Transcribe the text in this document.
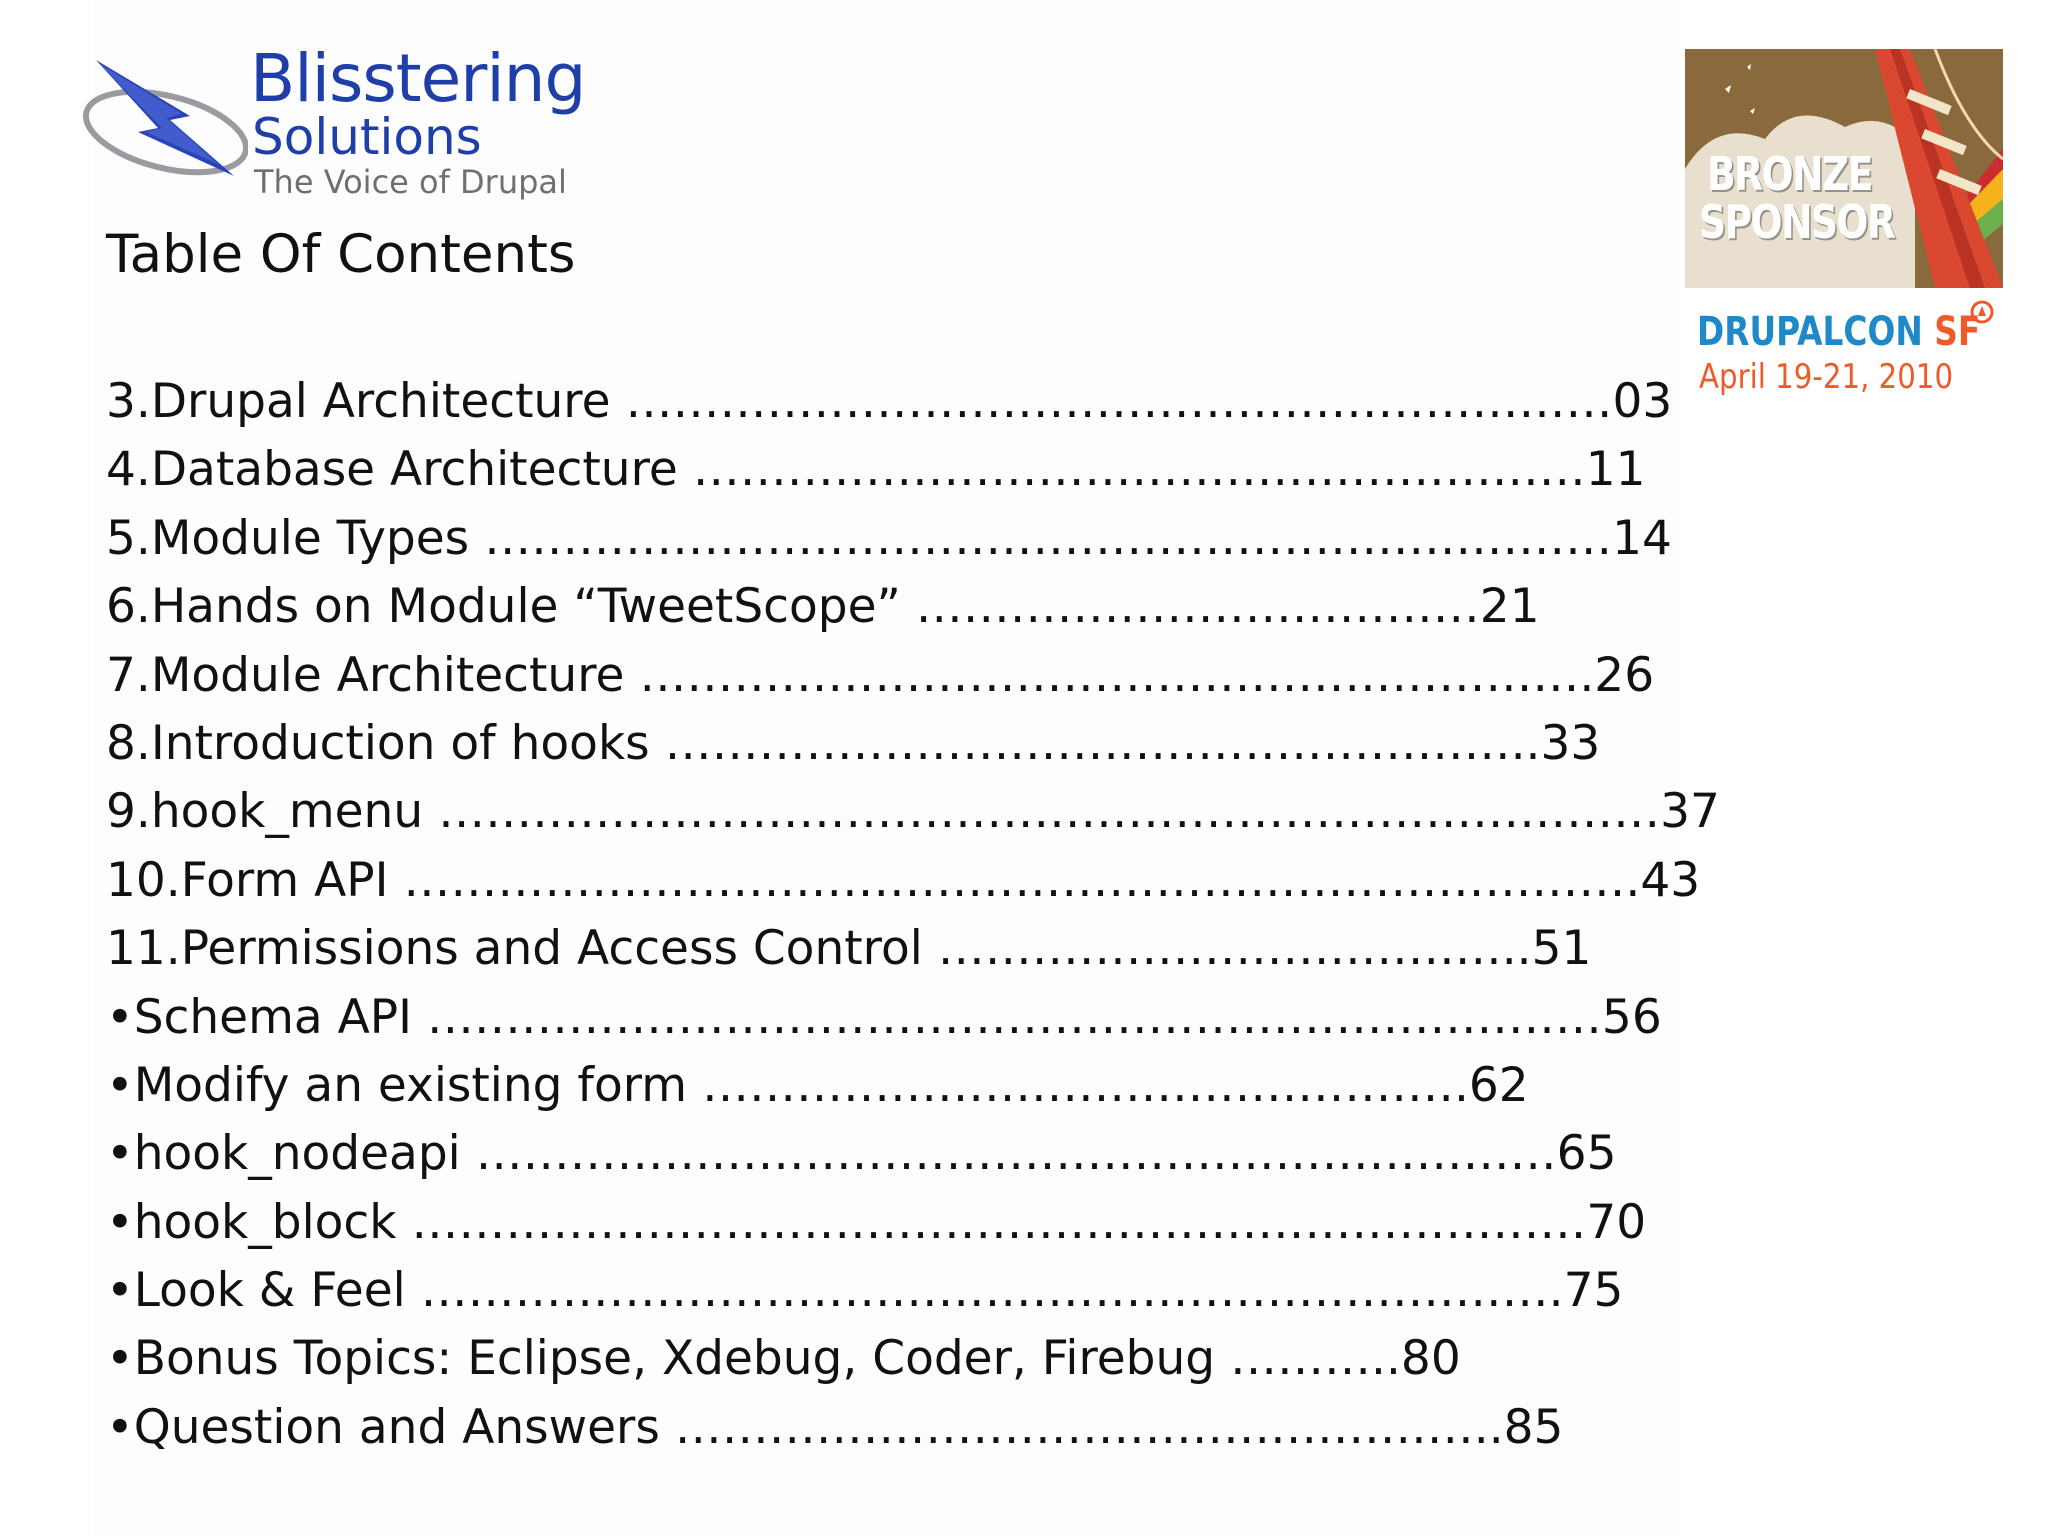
Blisstering
Solutions
The Voice of Drupal
Table Of Contents
3.Drupal Architecture ………………………………………………………03
4.Database Architecture …………………………………………………11
5.Module Types ………………………………………………………………14
6.Hands on Module “TweetScope” ………………………………21
7.Module Architecture …………………………………………………….26
8.Introduction of hooks ………………………………………………..33
9.hook_menu ……………………………………………………………………37
10.Form API …………………………………………………………………….43
11.Permissions and Access Control ………………………………..51
•Schema API …………………………………………………………………56
•Modify an existing form ………………………………………….62
•hook_nodeapi ……………………………………………………………65
•hook_block …………………………………………………………………70
•Look & Feel ……………………………………………………………….75
•Bonus Topics: Eclipse, Xdebug, Coder, Firebug ………..80
•Question and Answers ……………………………………………..85
BRONZE
SPONSOR
DRUPALCON SF
April 19-21, 2010
